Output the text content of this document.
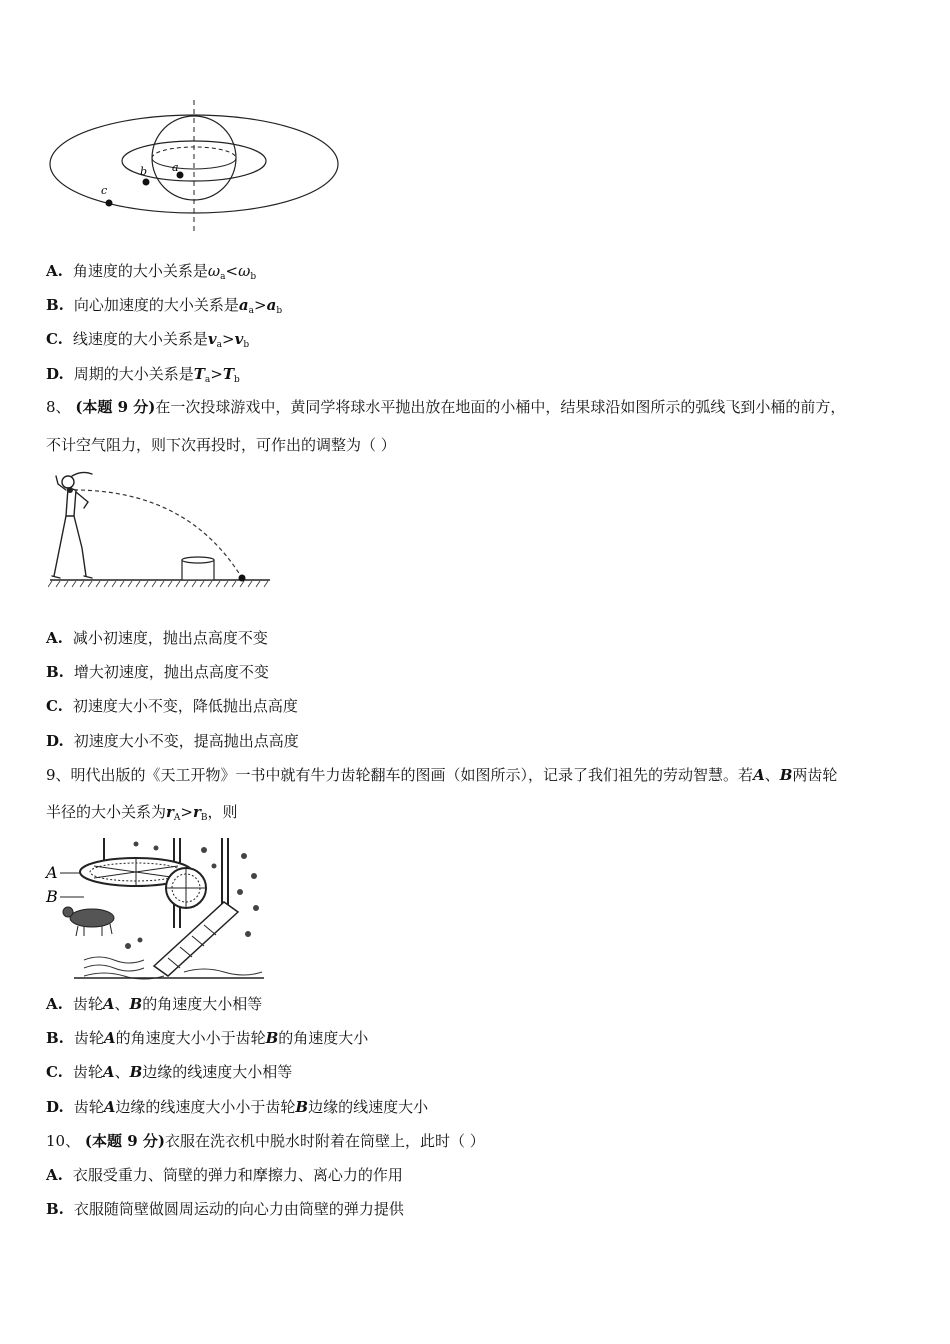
a
b
c
A. 角速度的大小关系是$\omega_a<\omega_b$
B. 向心加速度的大小关系是$a_a>a_b$
C. 线速度的大小关系是$v_a>v_b$
D. 周期的大小关系是$T_a>T_b$
8、 (本题 9 分)在一次投球游戏中，黄同学将球水平抛出放在地面的小桶中，结果球沿如图所示的弧线飞到小桶的前方，
不计空气阻力，则下次再投时，可作出的调整为（ ）
A. 减小初速度，抛出点高度不变
B. 增大初速度，抛出点高度不变
C. 初速度大小不变，降低抛出点高度
D. 初速度大小不变，提高抛出点高度
9、明代出版的《天工开物》一书中就有牛力齿轮翻车的图画（如图所示），记录了我们祖先的劳动智慧。若A、B两齿轮
半径的大小关系为$r_A>r_B$，则
A
B
A. 齿轮A、B的角速度大小相等
B. 齿轮A的角速度大小小于齿轮B的角速度大小
C. 齿轮A、B边缘的线速度大小相等
D. 齿轮A边缘的线速度大小小于齿轮B边缘的线速度大小
10、 (本题 9 分)衣服在洗衣机中脱水时附着在筒壁上，此时（ ）
A. 衣服受重力、筒壁的弹力和摩擦力、离心力的作用
B. 衣服随筒壁做圆周运动的向心力由筒壁的弹力提供
